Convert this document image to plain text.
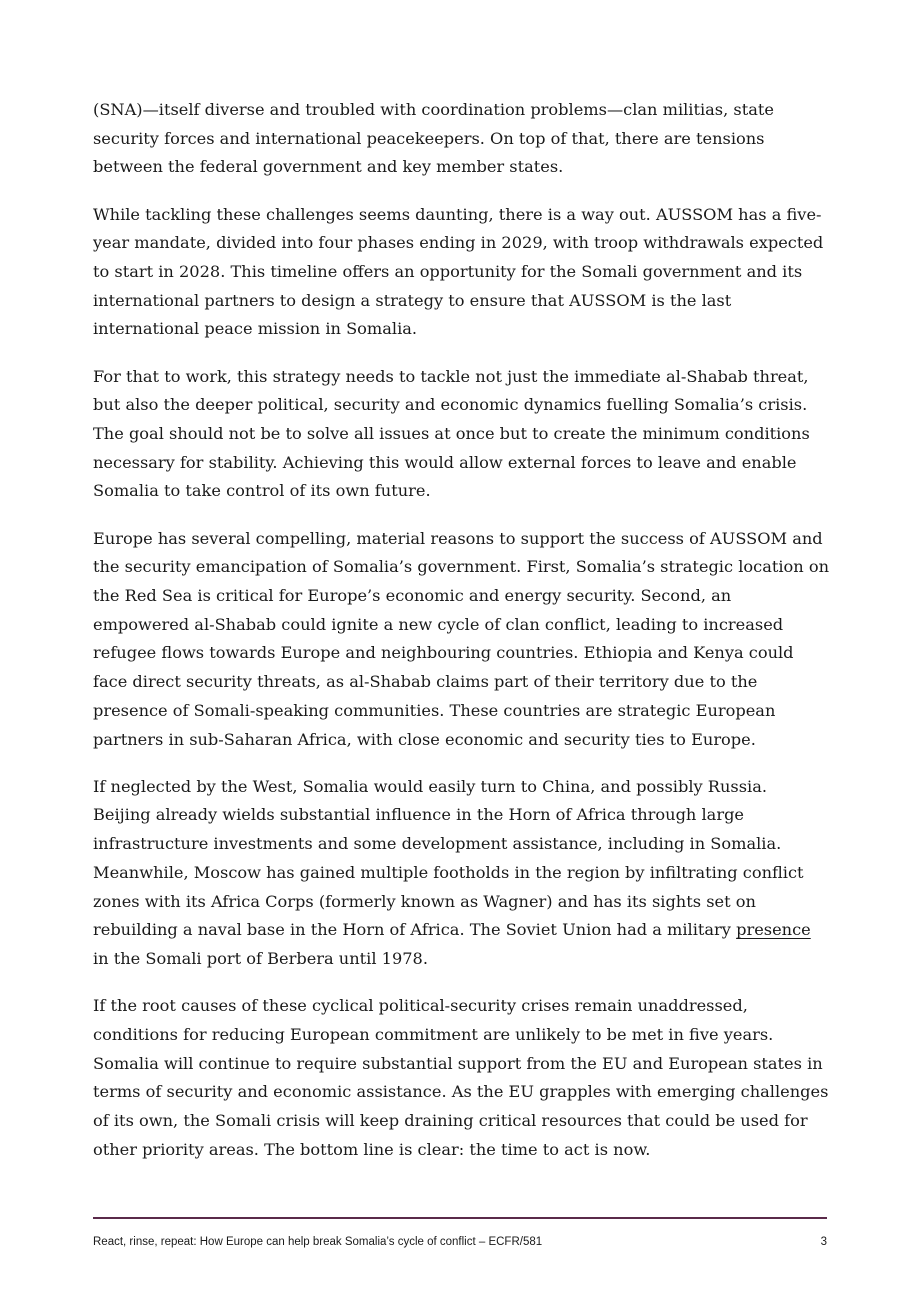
(SNA)—itself diverse and troubled with coordination problems—clan militias, state security forces and international peacekeepers. On top of that, there are tensions between the federal government and key member states.

While tackling these challenges seems daunting, there is a way out. AUSSOM has a five-year mandate, divided into four phases ending in 2029, with troop withdrawals expected to start in 2028. This timeline offers an opportunity for the Somali government and its international partners to design a strategy to ensure that AUSSOM is the last international peace mission in Somalia.

For that to work, this strategy needs to tackle not just the immediate al-Shabab threat, but also the deeper political, security and economic dynamics fuelling Somalia’s crisis. The goal should not be to solve all issues at once but to create the minimum conditions necessary for stability. Achieving this would allow external forces to leave and enable Somalia to take control of its own future.

Europe has several compelling, material reasons to support the success of AUSSOM and the security emancipation of Somalia’s government. First, Somalia’s strategic location on the Red Sea is critical for Europe’s economic and energy security. Second, an empowered al-Shabab could ignite a new cycle of clan conflict, leading to increased refugee flows towards Europe and neighbouring countries. Ethiopia and Kenya could face direct security threats, as al-Shabab claims part of their territory due to the presence of Somali-speaking communities. These countries are strategic European partners in sub-Saharan Africa, with close economic and security ties to Europe.

If neglected by the West, Somalia would easily turn to China, and possibly Russia. Beijing already wields substantial influence in the Horn of Africa through large infrastructure investments and some development assistance, including in Somalia. Meanwhile, Moscow has gained multiple footholds in the region by infiltrating conflict zones with its Africa Corps (formerly known as Wagner) and has its sights set on rebuilding a naval base in the Horn of Africa. The Soviet Union had a military presence in the Somali port of Berbera until 1978.

If the root causes of these cyclical political-security crises remain unaddressed, conditions for reducing European commitment are unlikely to be met in five years. Somalia will continue to require substantial support from the EU and European states in terms of security and economic assistance. As the EU grapples with emerging challenges of its own, the Somali crisis will keep draining critical resources that could be used for other priority areas. The bottom line is clear: the time to act is now.

React, rinse, repeat: How Europe can help break Somalia’s cycle of conflict – ECFR/581	3
